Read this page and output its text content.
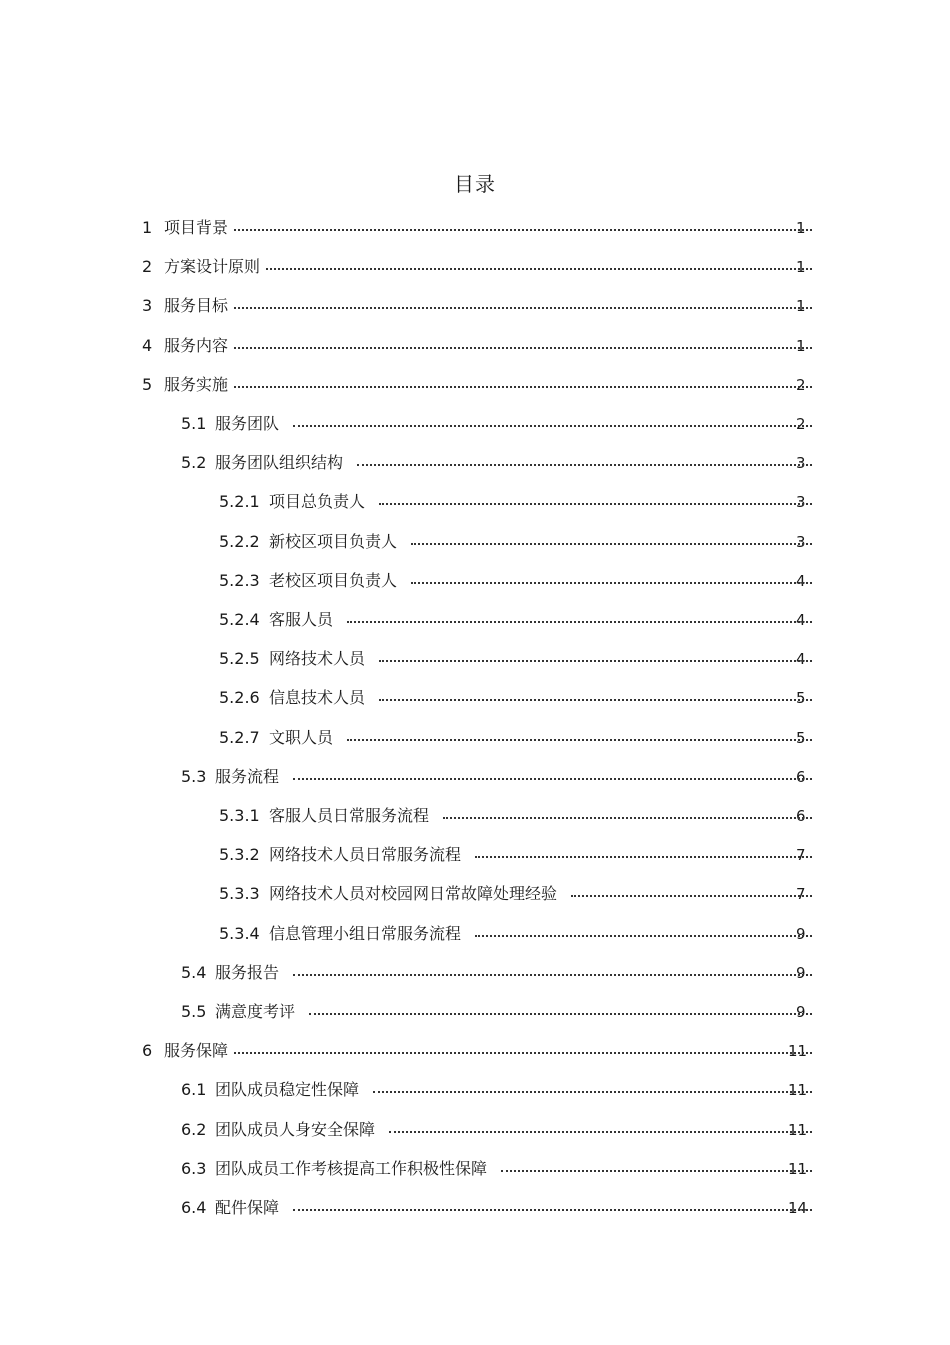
目录
1 项目背景	1
2 方案设计原则	1
3 服务目标	1
4 服务内容	1
5 服务实施	2
5.1 服务团队	2
5.2 服务团队组织结构	3
5.2.1 项目总负责人	3
5.2.2 新校区项目负责人	3
5.2.3 老校区项目负责人	4
5.2.4 客服人员	4
5.2.5 网络技术人员	4
5.2.6 信息技术人员	5
5.2.7 文职人员	5
5.3 服务流程	6
5.3.1 客服人员日常服务流程	6
5.3.2 网络技术人员日常服务流程	7
5.3.3 网络技术人员对校园网日常故障处理经验	7
5.3.4 信息管理小组日常服务流程	9
5.4 服务报告	9
5.5 满意度考评	9
6 服务保障	11
6.1 团队成员稳定性保障	11
6.2 团队成员人身安全保障	11
6.3 团队成员工作考核提高工作积极性保障	11
6.4 配件保障	14
